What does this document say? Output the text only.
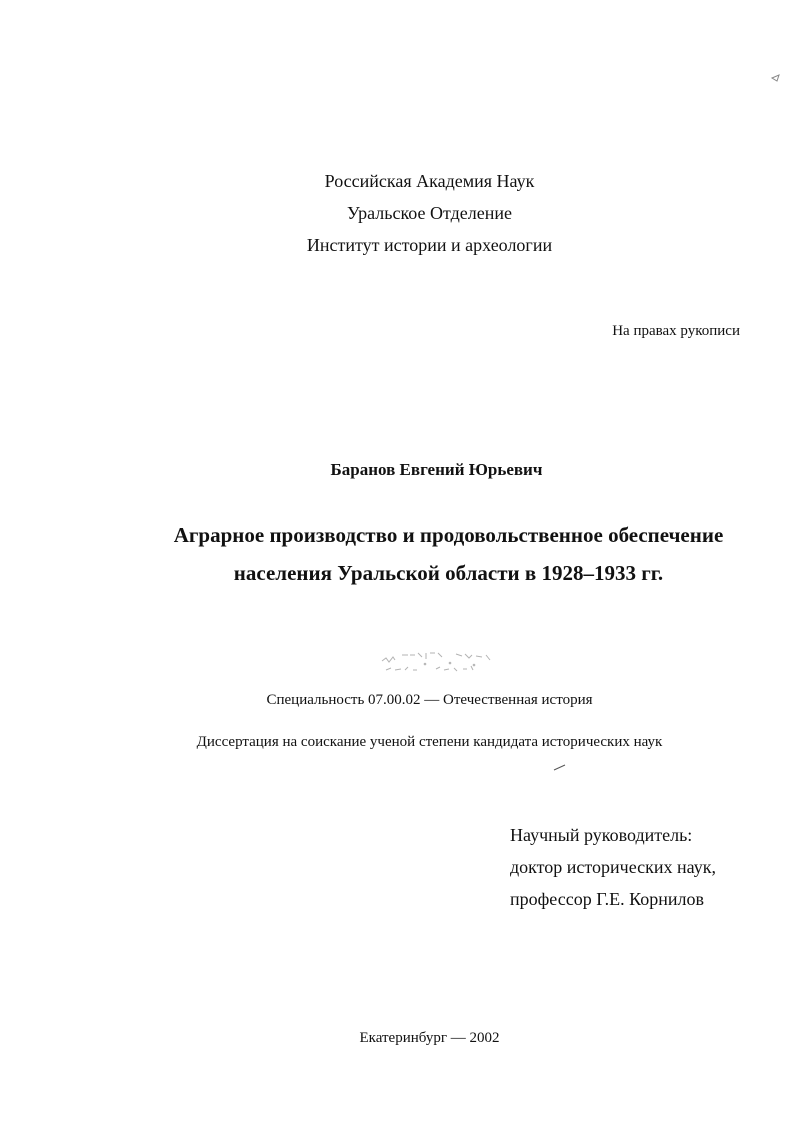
Российская Академия Наук
Уральское Отделение
Институт истории и археологии
На правах рукописи
Баранов Евгений Юрьевич
Аграрное производство и продовольственное обеспечение
населения Уральской области в 1928–1933 гг.
Специальность 07.00.02 — Отечественная история
Диссертация на соискание ученой степени кандидата исторических наук
Научный руководитель:
доктор исторических наук,
профессор Г.Е. Корнилов
Екатеринбург — 2002
